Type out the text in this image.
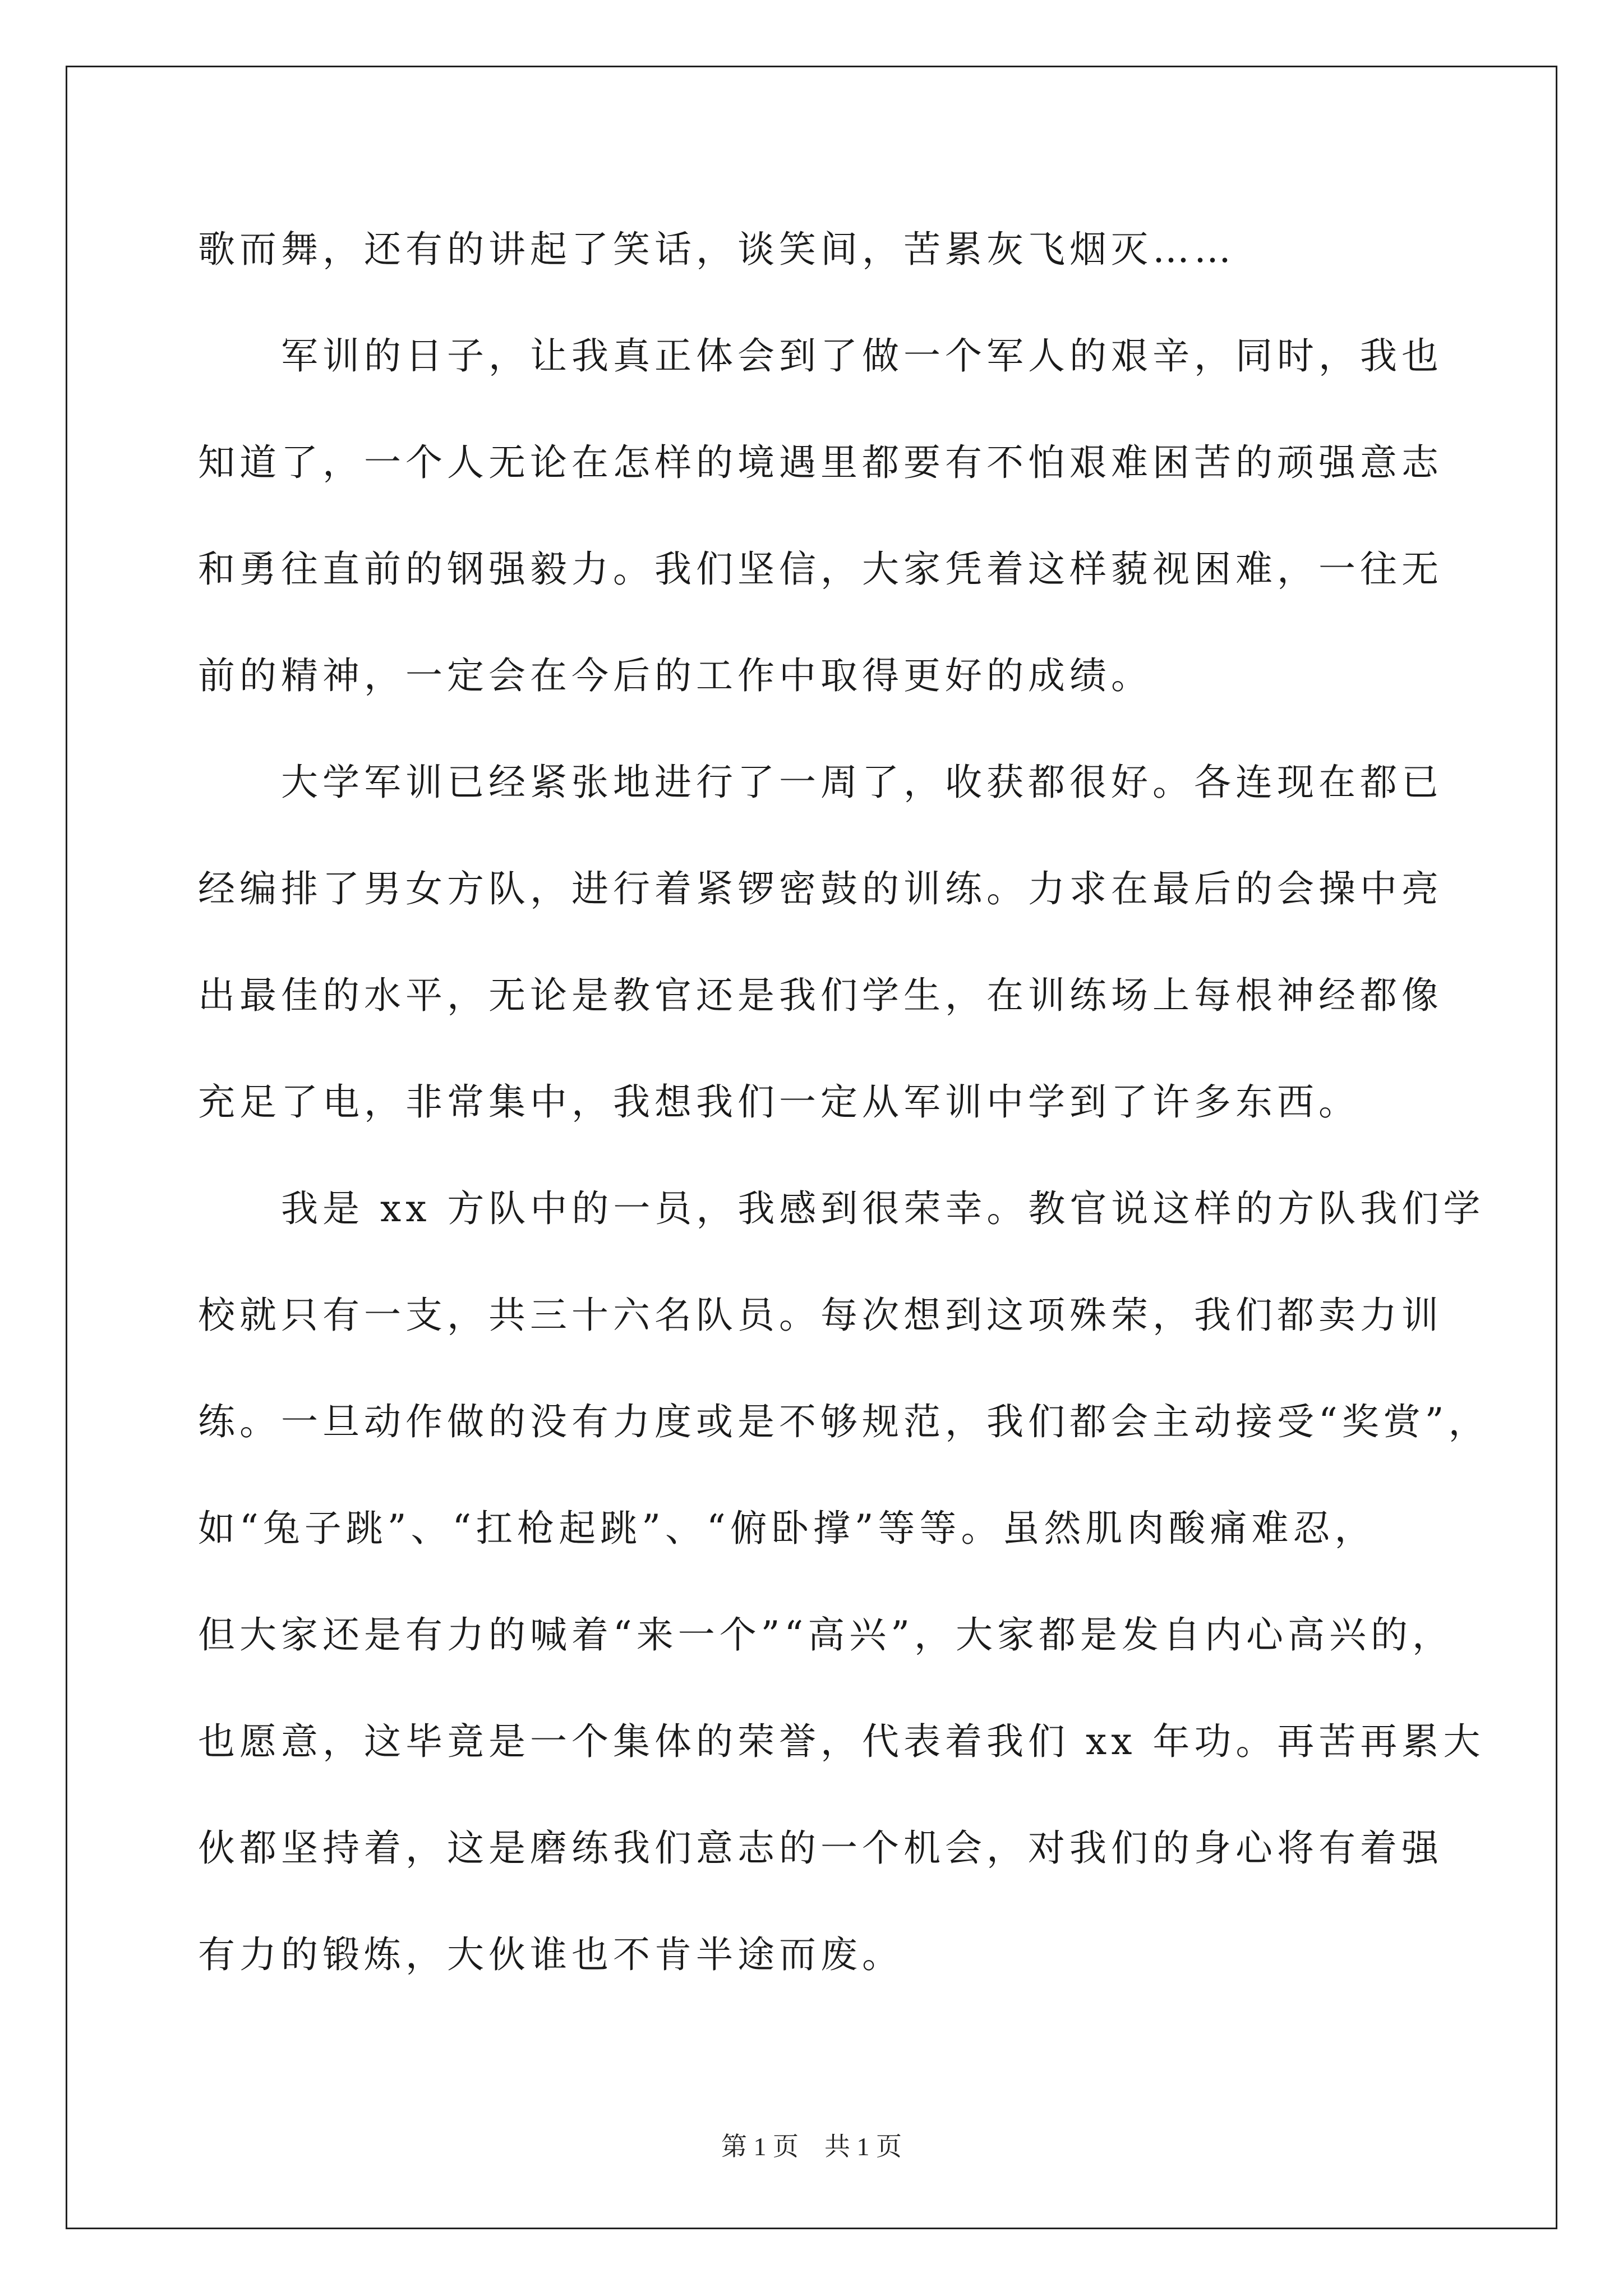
歌而舞，还有的讲起了笑话，谈笑间，苦累灰飞烟灭……
　　军训的日子，让我真正体会到了做一个军人的艰辛，同时，我也
知道了，一个人无论在怎样的境遇里都要有不怕艰难困苦的顽强意志
和勇往直前的钢强毅力。我们坚信，大家凭着这样藐视困难，一往无
前的精神，一定会在今后的工作中取得更好的成绩。
　　大学军训已经紧张地进行了一周了，收获都很好。各连现在都已
经编排了男女方队，进行着紧锣密鼓的训练。力求在最后的会操中亮
出最佳的水平，无论是教官还是我们学生，在训练场上每根神经都像
充足了电，非常集中，我想我们一定从军训中学到了许多东西。
　　我是 xx 方队中的一员，我感到很荣幸。教官说这样的方队我们学
校就只有一支，共三十六名队员。每次想到这项殊荣，我们都卖力训
练。一旦动作做的没有力度或是不够规范，我们都会主动接受“奖赏”，
如“兔子跳”、“扛枪起跳”、“俯卧撑”等等。虽然肌肉酸痛难忍，
但大家还是有力的喊着“来一个”“高兴”，大家都是发自内心高兴的，
也愿意，这毕竟是一个集体的荣誉，代表着我们 xx 年功。再苦再累大
伙都坚持着，这是磨练我们意志的一个机会，对我们的身心将有着强
有力的锻炼，大伙谁也不肯半途而废。
第 1 页　共 1 页
